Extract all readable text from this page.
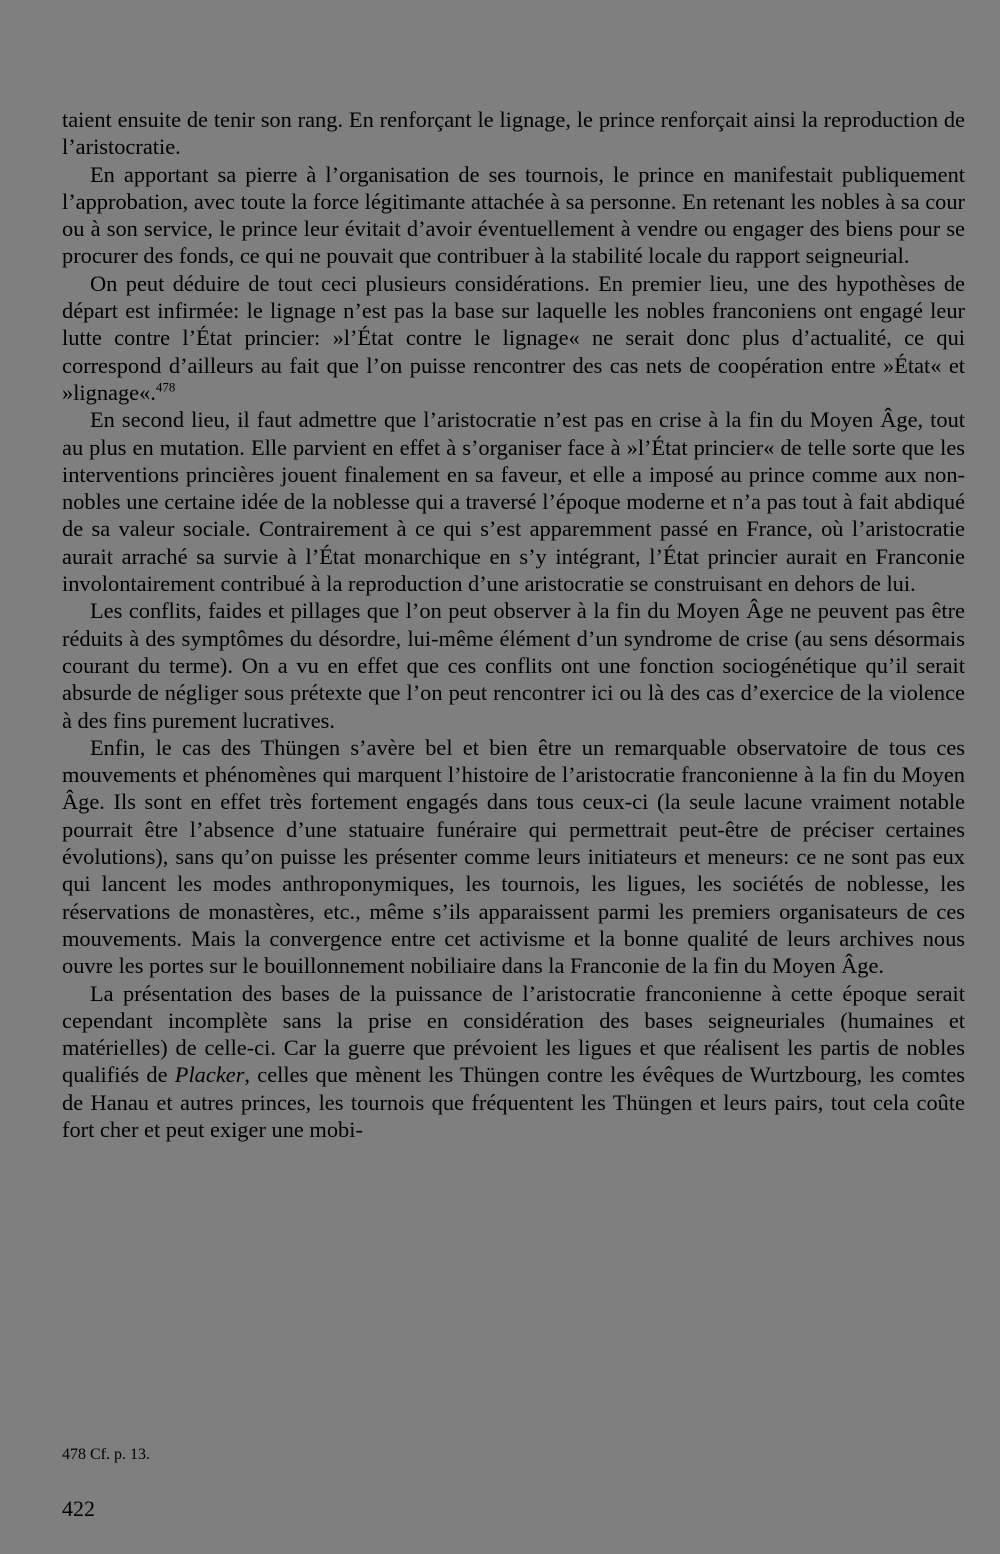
taient ensuite de tenir son rang. En renforçant le lignage, le prince renforçait ainsi la reproduction de l’aristocratie.

En apportant sa pierre à l’organisation de ses tournois, le prince en manifestait publiquement l’approbation, avec toute la force légitimante attachée à sa personne. En retenant les nobles à sa cour ou à son service, le prince leur évitait d’avoir éventuellement à vendre ou engager des biens pour se procurer des fonds, ce qui ne pouvait que contribuer à la stabilité locale du rapport seigneurial.

On peut déduire de tout ceci plusieurs considérations. En premier lieu, une des hypothèses de départ est infirmée: le lignage n’est pas la base sur laquelle les nobles franconiens ont engagé leur lutte contre l’État princier: »l’État contre le lignage« ne serait donc plus d’actualité, ce qui correspond d’ailleurs au fait que l’on puisse rencontrer des cas nets de coopération entre »État« et »lignage«.$^{478}$

En second lieu, il faut admettre que l’aristocratie n’est pas en crise à la fin du Moyen Âge, tout au plus en mutation. Elle parvient en effet à s’organiser face à »l’État princier« de telle sorte que les interventions princières jouent finalement en sa faveur, et elle a imposé au prince comme aux non-nobles une certaine idée de la noblesse qui a traversé l’époque moderne et n’a pas tout à fait abdiqué de sa valeur sociale. Contrairement à ce qui s’est apparemment passé en France, où l’aristocratie aurait arraché sa survie à l’État monarchique en s’y intégrant, l’État princier aurait en Franconie involontairement contribué à la reproduction d’une aristocratie se construisant en dehors de lui.

Les conflits, faides et pillages que l’on peut observer à la fin du Moyen Âge ne peuvent pas être réduits à des symptômes du désordre, lui-même élément d’un syndrome de crise (au sens désormais courant du terme). On a vu en effet que ces conflits ont une fonction sociogénétique qu’il serait absurde de négliger sous prétexte que l’on peut rencontrer ici ou là des cas d’exercice de la violence à des fins purement lucratives.

Enfin, le cas des Thüngen s’avère bel et bien être un remarquable observatoire de tous ces mouvements et phénomènes qui marquent l’histoire de l’aristocratie franconienne à la fin du Moyen Âge. Ils sont en effet très fortement engagés dans tous ceux-ci (la seule lacune vraiment notable pourrait être l’absence d’une statuaire funéraire qui permettrait peut-être de préciser certaines évolutions), sans qu’on puisse les présenter comme leurs initiateurs et meneurs: ce ne sont pas eux qui lancent les modes anthroponymiques, les tournois, les ligues, les sociétés de noblesse, les réservations de monastères, etc., même s’ils apparaissent parmi les premiers organisateurs de ces mouvements. Mais la convergence entre cet activisme et la bonne qualité de leurs archives nous ouvre les portes sur le bouillonnement nobiliaire dans la Franconie de la fin du Moyen Âge.

La présentation des bases de la puissance de l’aristocratie franconienne à cette époque serait cependant incomplète sans la prise en considération des bases seigneuriales (humaines et matérielles) de celle-ci. Car la guerre que prévoient les ligues et que réalisent les partis de nobles qualifiés de Placker, celles que mènent les Thüngen contre les évêques de Wurtzbourg, les comtes de Hanau et autres princes, les tournois que fréquentent les Thüngen et leurs pairs, tout cela coûte fort cher et peut exiger une mobi-

478 Cf. p. 13.
422
